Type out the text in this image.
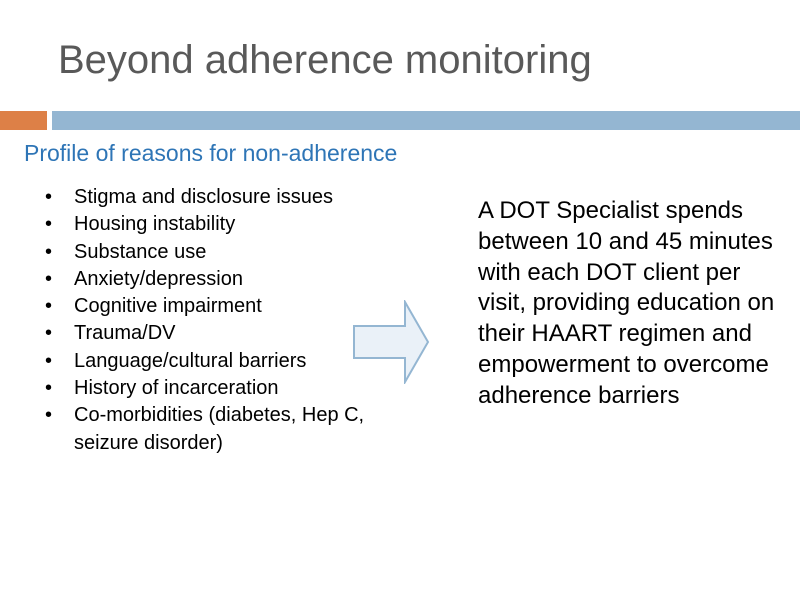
Beyond adherence monitoring
Profile of reasons for non-adherence
• Stigma and disclosure issues
• Housing instability
• Substance use
• Anxiety/depression
• Cognitive impairment
• Trauma/DV
• Language/cultural barriers
• History of incarceration
• Co-morbidities (diabetes, Hep C, seizure disorder)
A DOT Specialist spends between 10 and 45 minutes with each DOT client per visit, providing education on their HAART regimen and empowerment to overcome adherence barriers
